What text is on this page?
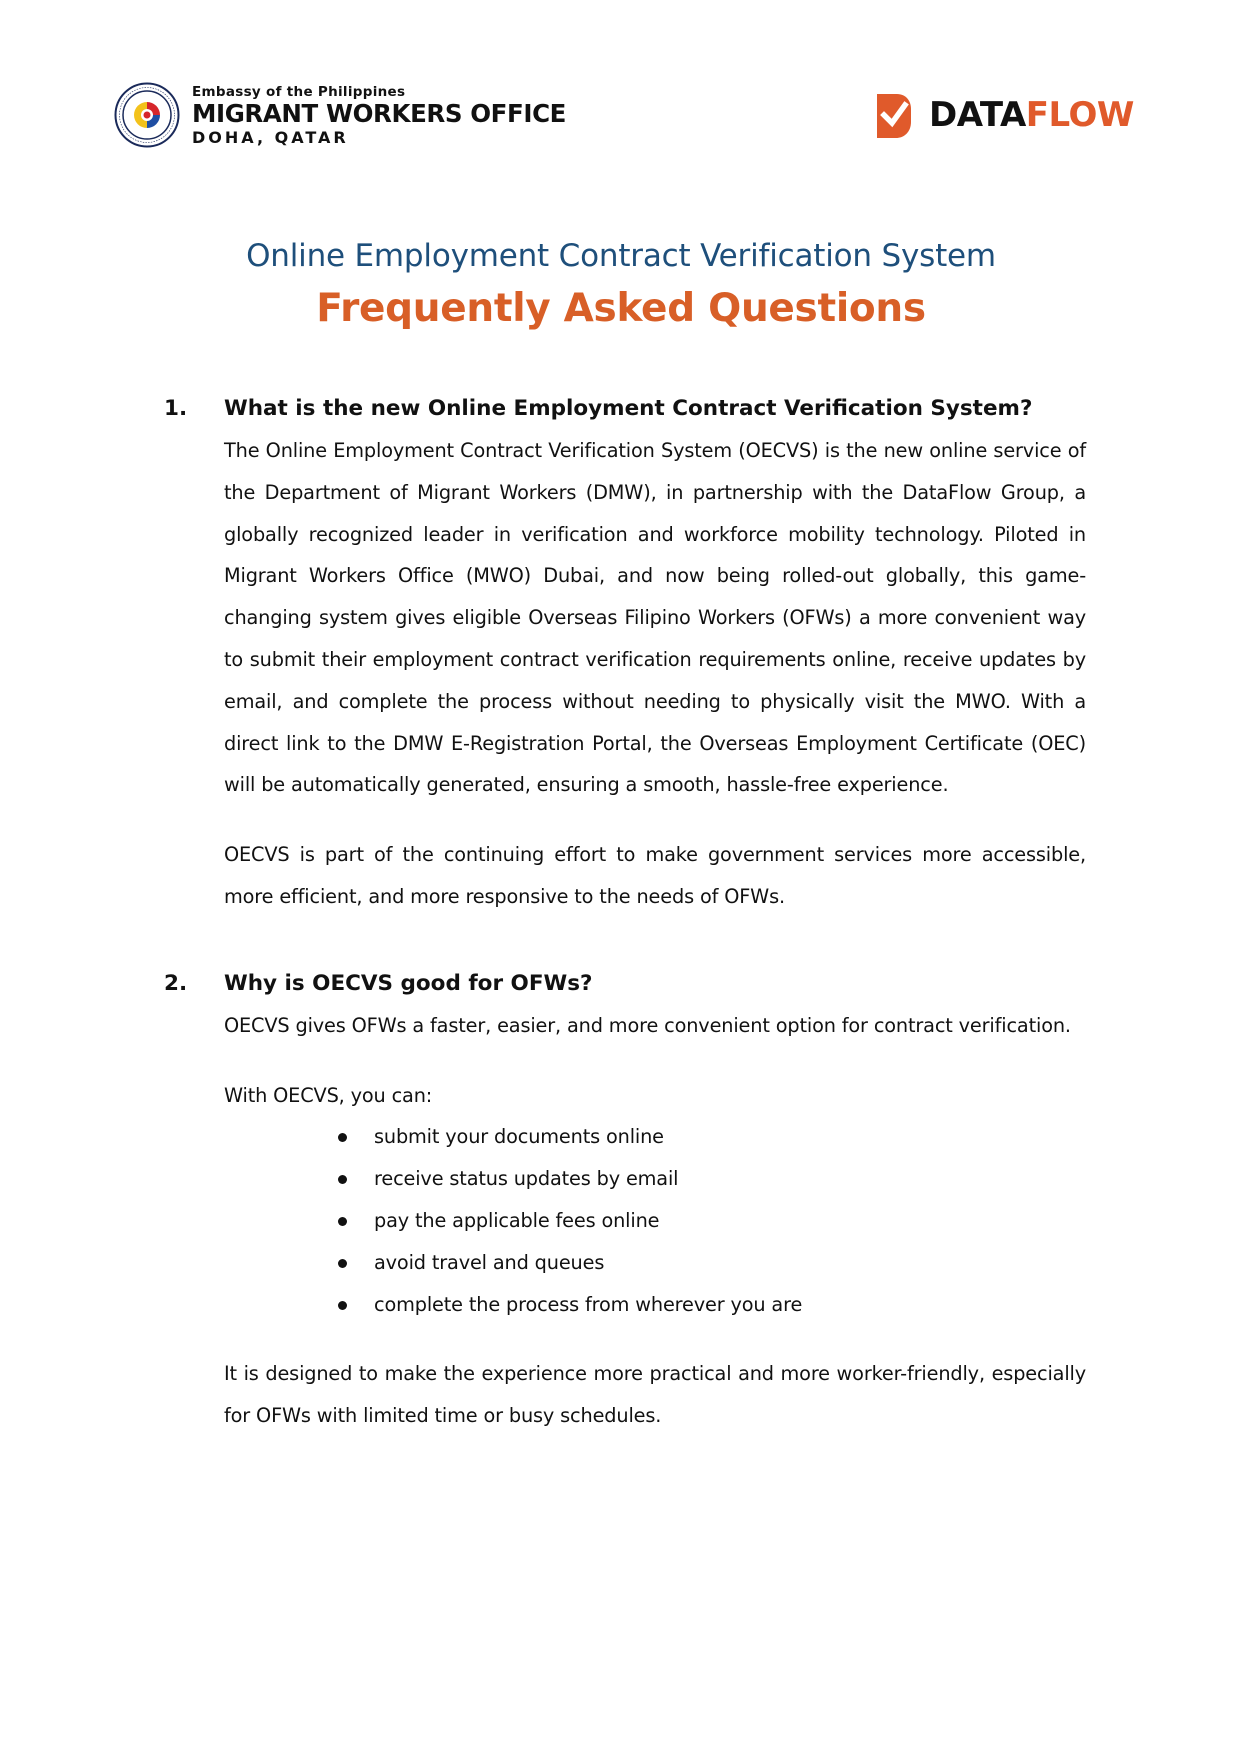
Embassy of the Philippines
MIGRANT WORKERS OFFICE
DOHA, QATAR
DATAFLOW
Online Employment Contract Verification System
Frequently Asked Questions
1. What is the new Online Employment Contract Verification System?

The Online Employment Contract Verification System (OECVS) is the new online service of the Department of Migrant Workers (DMW), in partnership with the DataFlow Group, a globally recognized leader in verification and workforce mobility technology. Piloted in Migrant Workers Office (MWO) Dubai, and now being rolled-out globally, this game-changing system gives eligible Overseas Filipino Workers (OFWs) a more convenient way to submit their employment contract verification requirements online, receive updates by email, and complete the process without needing to physically visit the MWO. With a direct link to the DMW E-Registration Portal, the Overseas Employment Certificate (OEC) will be automatically generated, ensuring a smooth, hassle-free experience.

OECVS is part of the continuing effort to make government services more accessible, more efficient, and more responsive to the needs of OFWs.

2. Why is OECVS good for OFWs?

OECVS gives OFWs a faster, easier, and more convenient option for contract verification.

With OECVS, you can:

submit your documents online
receive status updates by email
pay the applicable fees online
avoid travel and queues
complete the process from wherever you are

It is designed to make the experience more practical and more worker-friendly, especially for OFWs with limited time or busy schedules.
